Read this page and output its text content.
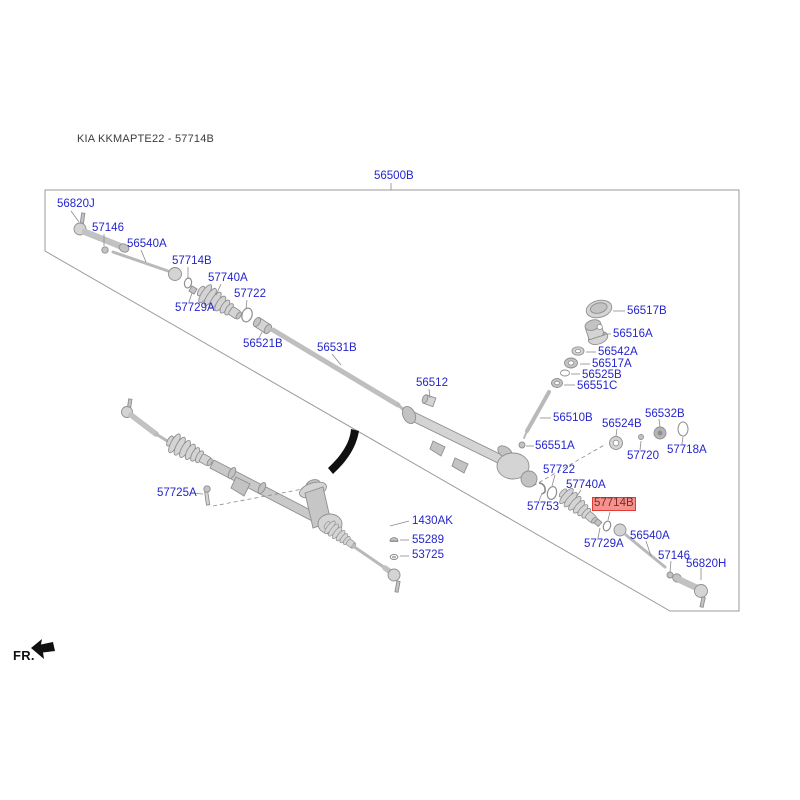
KIA KKMAPTE22 - 57714B
FR.
56500B
56820J
57146
56540A
57714B
57740A
57722
57729A
56521B	56531B
56512
56517B
56516A
56542A
56517A
56525B
56551C
56510B
56551A
56532B
56524B
57720 57718A
57722
57740A
57753	57714B
57729A
56540A
57146
56820H
57725A
1430AK
55289
53725
